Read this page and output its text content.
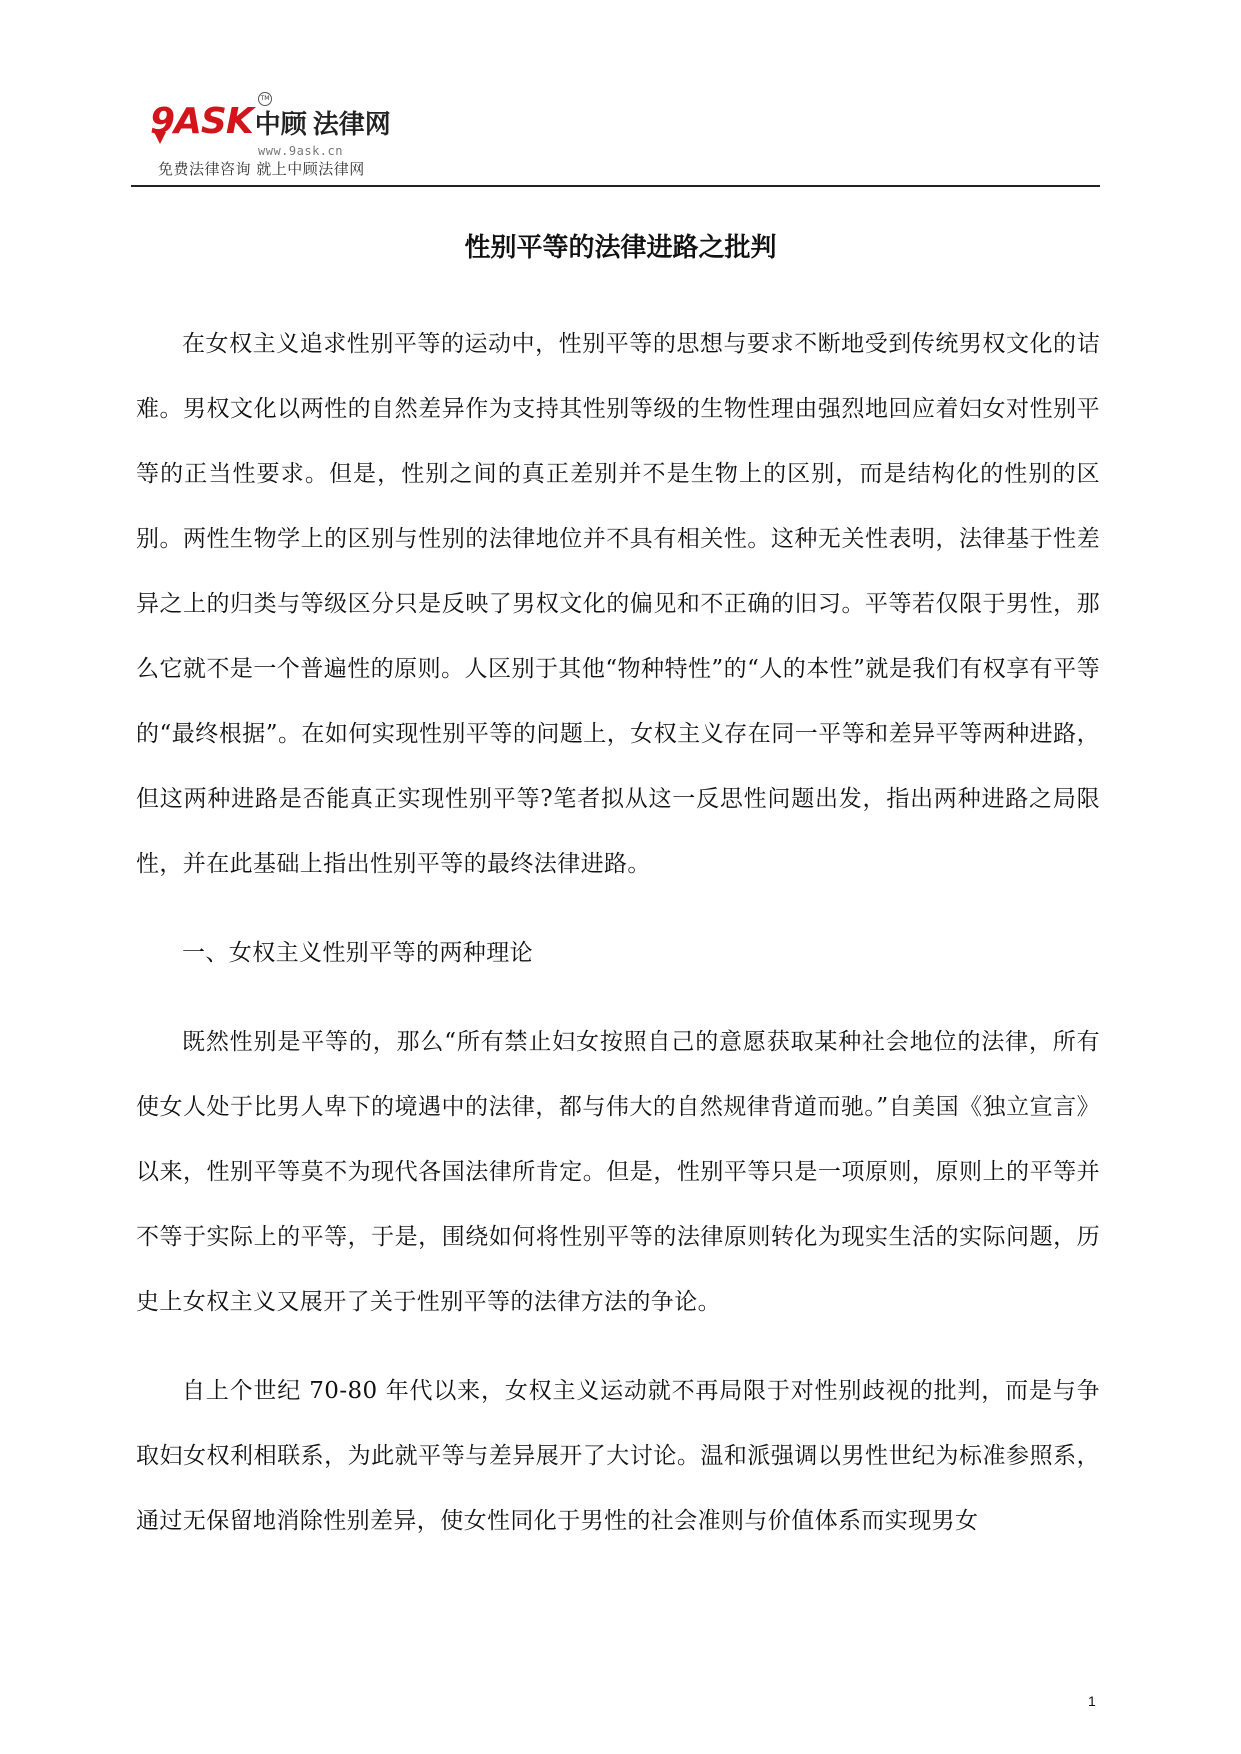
TM
9ASK中顾 法律网
www.9ask.cn
免费法律咨询 就上中顾法律网
性别平等的法律进路之批判

在女权主义追求性别平等的运动中，性别平等的思想与要求不断地受到传统男权文化的诘难。男权文化以两性的自然差异作为支持其性别等级的生物性理由强烈地回应着妇女对性别平等的正当性要求。但是，性别之间的真正差别并不是生物上的区别，而是结构化的性别的区别。两性生物学上的区别与性别的法律地位并不具有相关性。这种无关性表明，法律基于性差异之上的归类与等级区分只是反映了男权文化的偏见和不正确的旧习。平等若仅限于男性，那么它就不是一个普遍性的原则。人区别于其他“物种特性”的“人的本性”就是我们有权享有平等的“最终根据”。在如何实现性别平等的问题上，女权主义存在同一平等和差异平等两种进路，但这两种进路是否能真正实现性别平等?笔者拟从这一反思性问题出发，指出两种进路之局限性，并在此基础上指出性别平等的最终法律进路。

一、女权主义性别平等的两种理论

既然性别是平等的，那么“所有禁止妇女按照自己的意愿获取某种社会地位的法律，所有使女人处于比男人卑下的境遇中的法律，都与伟大的自然规律背道而驰。”自美国《独立宣言》以来，性别平等莫不为现代各国法律所肯定。但是，性别平等只是一项原则，原则上的平等并不等于实际上的平等，于是，围绕如何将性别平等的法律原则转化为现实生活的实际问题，历史上女权主义又展开了关于性别平等的法律方法的争论。

自上个世纪 70-80 年代以来，女权主义运动就不再局限于对性别歧视的批判，而是与争取妇女权利相联系，为此就平等与差异展开了大讨论。温和派强调以男性世纪为标准参照系，通过无保留地消除性别差异，使女性同化于男性的社会准则与价值体系而实现男女

1
